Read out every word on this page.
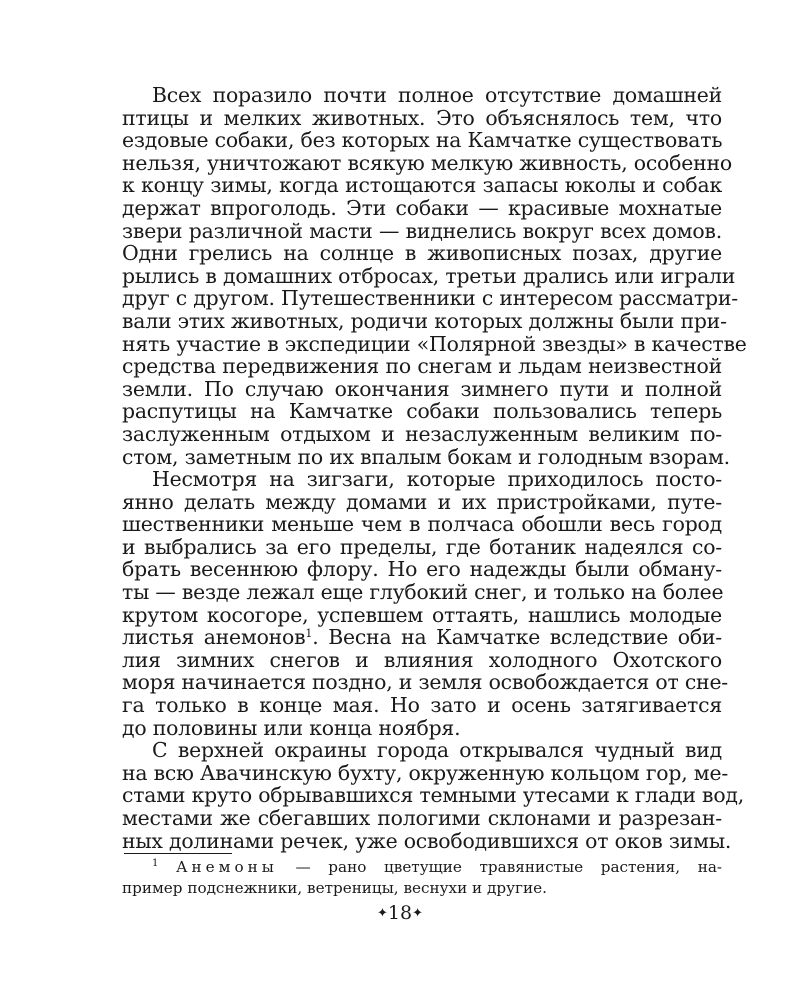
Всех поразило почти полное отсутствие домашней
птицы и мелких животных. Это объяснялось тем, что
ездовые собаки, без которых на Камчатке существовать
нельзя, уничтожают всякую мелкую живность, особенно
к концу зимы, когда истощаются запасы юколы и собак
держат впроголодь. Эти собаки — красивые мохнатые
звери различной масти — виднелись вокруг всех домов.
Одни грелись на солнце в живописных позах, другие
рылись в домашних отбросах, третьи дрались или играли
друг с другом. Путешественники с интересом рассматри-
вали этих животных, родичи которых должны были при-
нять участие в экспедиции «Полярной звезды» в качестве
средства передвижения по снегам и льдам неизвестной
земли. По случаю окончания зимнего пути и полной
распутицы на Камчатке собаки пользовались теперь
заслуженным отдыхом и незаслуженным великим по-
стом, заметным по их впалым бокам и голодным взорам.
Несмотря на зигзаги, которые приходилось посто-
янно делать между домами и их пристройками, путе-
шественники меньше чем в полчаса обошли весь город
и выбрались за его пределы, где ботаник надеялся со-
брать весеннюю флору. Но его надежды были обману-
ты — везде лежал еще глубокий снег, и только на более
крутом косогоре, успевшем оттаять, нашлись молодые
листья анемонов$^1$. Весна на Камчатке вследствие оби-
лия зимних снегов и влияния холодного Охотского
моря начинается поздно, и земля освобождается от сне-
га только в конце мая. Но зато и осень затягивается
до половины или конца ноября.
С верхней окраины города открывался чудный вид
на всю Авачинскую бухту, окруженную кольцом гор, ме-
стами круто обрывавшихся темными утесами к глади вод,
местами же сбегавших пологими склонами и разрезан-
ных долинами речек, уже освободившихся от оков зимы.
$^1$ Анемоны — рано цветущие травянистые растения, на-
пример подснежники, ветреницы, веснухи и другие.
✦18✦
